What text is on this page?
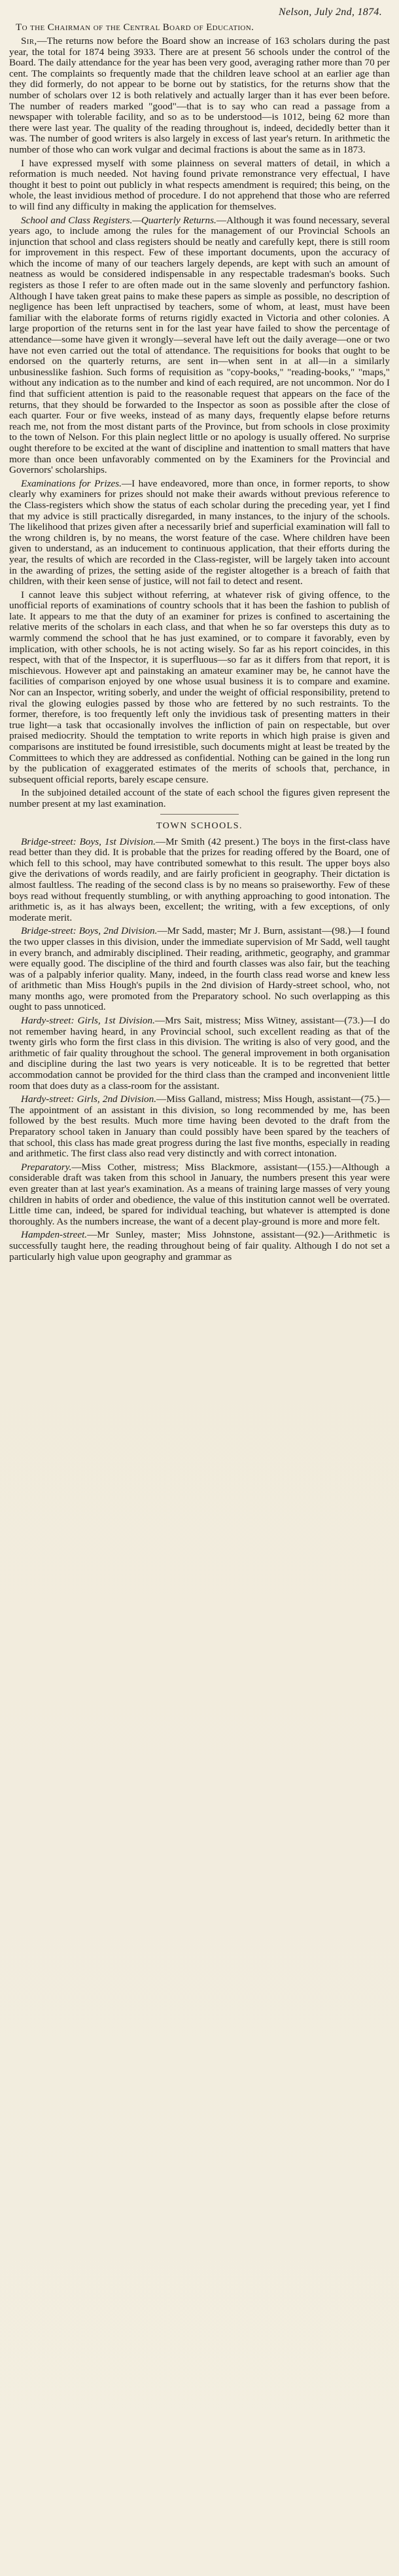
Nelson, July 2nd, 1874.
To the Chairman of the Central Board of Education.

Sir,—The returns now before the Board show an increase of 163 scholars during the past year, the total for 1874 being 3933. There are at present 56 schools under the control of the Board. The daily attendance for the year has been very good, averaging rather more than 70 per cent. The complaints so frequently made that the children leave school at an earlier age than they did formerly, do not appear to be borne out by statistics, for the returns show that the number of scholars over 12 is both relatively and actually larger than it has ever been before. The number of readers marked "good"—that is to say who can read a passage from a newspaper with tolerable facility, and so as to be understood—is 1012, being 62 more than there were last year. The quality of the reading throughout is, indeed, decidedly better than it was. The number of good writers is also largely in excess of last year's return. In arithmetic the number of those who can work vulgar and decimal fractions is about the same as in 1873.

I have expressed myself with some plainness on several matters of detail, in which a reformation is much needed. Not having found private remonstrance very effectual, I have thought it best to point out publicly in what respects amendment is required; this being, on the whole, the least invidious method of procedure. I do not apprehend that those who are referred to will find any difficulty in making the application for themselves.

School and Class Registers.—Quarterly Returns.—Although it was found necessary, several years ago, to include among the rules for the management of our Provincial Schools an injunction that school and class registers should be neatly and carefully kept, there is still room for improvement in this respect. Few of these important documents, upon the accuracy of which the income of many of our teachers largely depends, are kept with such an amount of neatness as would be considered indispensable in any respectable tradesman's books. Such registers as those I refer to are often made out in the same slovenly and perfunctory fashion. Although I have taken great pains to make these papers as simple as possible, no description of negligence has been left unpractised by teachers, some of whom, at least, must have been familiar with the elaborate forms of returns rigidly exacted in Victoria and other colonies. A large proportion of the returns sent in for the last year have failed to show the percentage of attendance—some have given it wrongly—several have left out the daily average—one or two have not even carried out the total of attendance. The requisitions for books that ought to be endorsed on the quarterly returns, are sent in—when sent in at all—in a similarly unbusinesslike fashion. Such forms of requisition as "copy-books," "reading-books," "maps," without any indication as to the number and kind of each required, are not uncommon. Nor do I find that sufficient attention is paid to the reasonable request that appears on the face of the returns, that they should be forwarded to the Inspector as soon as possible after the close of each quarter. Four or five weeks, instead of as many days, frequently elapse before returns reach me, not from the most distant parts of the Province, but from schools in close proximity to the town of Nelson. For this plain neglect little or no apology is usually offered. No surprise ought therefore to be excited at the want of discipline and inattention to small matters that have more than once been unfavorably commented on by the Examiners for the Provincial and Governors' scholarships.

Examinations for Prizes.—I have endeavored, more than once, in former reports, to show clearly why examiners for prizes should not make their awards without previous reference to the Class-registers which show the status of each scholar during the preceding year, yet I find that my advice is still practically disregarded, in many instances, to the injury of the schools. The likelihood that prizes given after a necessarily brief and superficial examination will fall to the wrong children is, by no means, the worst feature of the case. Where children have been given to understand, as an inducement to continuous application, that their efforts during the year, the results of which are recorded in the Class-register, will be largely taken into account in the awarding of prizes, the setting aside of the register altogether is a breach of faith that children, with their keen sense of justice, will not fail to detect and resent.

I cannot leave this subject without referring, at whatever risk of giving offence, to the unofficial reports of examinations of country schools that it has been the fashion to publish of late. It appears to me that the duty of an examiner for prizes is confined to ascertaining the relative merits of the scholars in each class, and that when he so far oversteps this duty as to warmly commend the school that he has just examined, or to compare it favorably, even by implication, with other schools, he is not acting wisely. So far as his report coincides, in this respect, with that of the Inspector, it is superfluous—so far as it differs from that report, it is mischievous. However apt and painstaking an amateur examiner may be, he cannot have the facilities of comparison enjoyed by one whose usual business it is to compare and examine. Nor can an Inspector, writing soberly, and under the weight of official responsibility, pretend to rival the glowing eulogies passed by those who are fettered by no such restraints. To the former, therefore, is too frequently left only the invidious task of presenting matters in their true light—a task that occasionally involves the infliction of pain on respectable, but over praised mediocrity. Should the temptation to write reports in which high praise is given and comparisons are instituted be found irresistible, such documents might at least be treated by the Committees to which they are addressed as confidential. Nothing can be gained in the long run by the publication of exaggerated estimates of the merits of schools that, perchance, in subsequent official reports, barely escape censure.

In the subjoined detailed account of the state of each school the figures given represent the number present at my last examination.

TOWN SCHOOLS.

Bridge-street: Boys, 1st Division.—Mr Smith (42 present.) The boys in the first-class have read better than they did. It is probable that the prizes for reading offered by the Board, one of which fell to this school, may have contributed somewhat to this result. The upper boys also give the derivations of words readily, and are fairly proficient in geography. Their dictation is almost faultless. The reading of the second class is by no means so praiseworthy. Few of these boys read without frequently stumbling, or with anything approaching to good intonation. The arithmetic is, as it has always been, excellent; the writing, with a few exceptions, of only moderate merit.

Bridge-street: Boys, 2nd Division.—Mr Sadd, master; Mr J. Burn, assistant—(98.)—I found the two upper classes in this division, under the immediate supervision of Mr Sadd, well taught in every branch, and admirably disciplined. Their reading, arithmetic, geography, and grammar were equally good. The discipline of the third and fourth classes was also fair, but the teaching was of a palpably inferior quality. Many, indeed, in the fourth class read worse and knew less of arithmetic than Miss Hough's pupils in the 2nd division of Hardy-street school, who, not many months ago, were promoted from the Preparatory school. No such overlapping as this ought to pass unnoticed.

Hardy-street: Girls, 1st Division.—Mrs Sait, mistress; Miss Witney, assistant—(73.)—I do not remember having heard, in any Provincial school, such excellent reading as that of the twenty girls who form the first class in this division. The writing is also of very good, and the arithmetic of fair quality throughout the school. The general improvement in both organisation and discipline during the last two years is very noticeable. It is to be regretted that better accommodation cannot be provided for the third class than the cramped and inconvenient little room that does duty as a class-room for the assistant.

Hardy-street: Girls, 2nd Division.—Miss Galland, mistress; Miss Hough, assistant—(75.)—The appointment of an assistant in this division, so long recommended by me, has been followed by the best results. Much more time having been devoted to the draft from the Preparatory school taken in January than could possibly have been spared by the teachers of that school, this class has made great progress during the last five months, especially in reading and arithmetic. The first class also read very distinctly and with correct intonation.

Preparatory.—Miss Cother, mistress; Miss Blackmore, assistant—(155.)—Although a considerable draft was taken from this school in January, the numbers present this year were even greater than at last year's examination. As a means of training large masses of very young children in habits of order and obedience, the value of this institution cannot well be overrated. Little time can, indeed, be spared for individual teaching, but whatever is attempted is done thoroughly. As the numbers increase, the want of a decent play-ground is more and more felt.

Hampden-street.—Mr Sunley, master; Miss Johnstone, assistant—(92.)—Arithmetic is successfully taught here, the reading throughout being of fair quality. Although I do not set a particularly high value upon geography and grammar as
